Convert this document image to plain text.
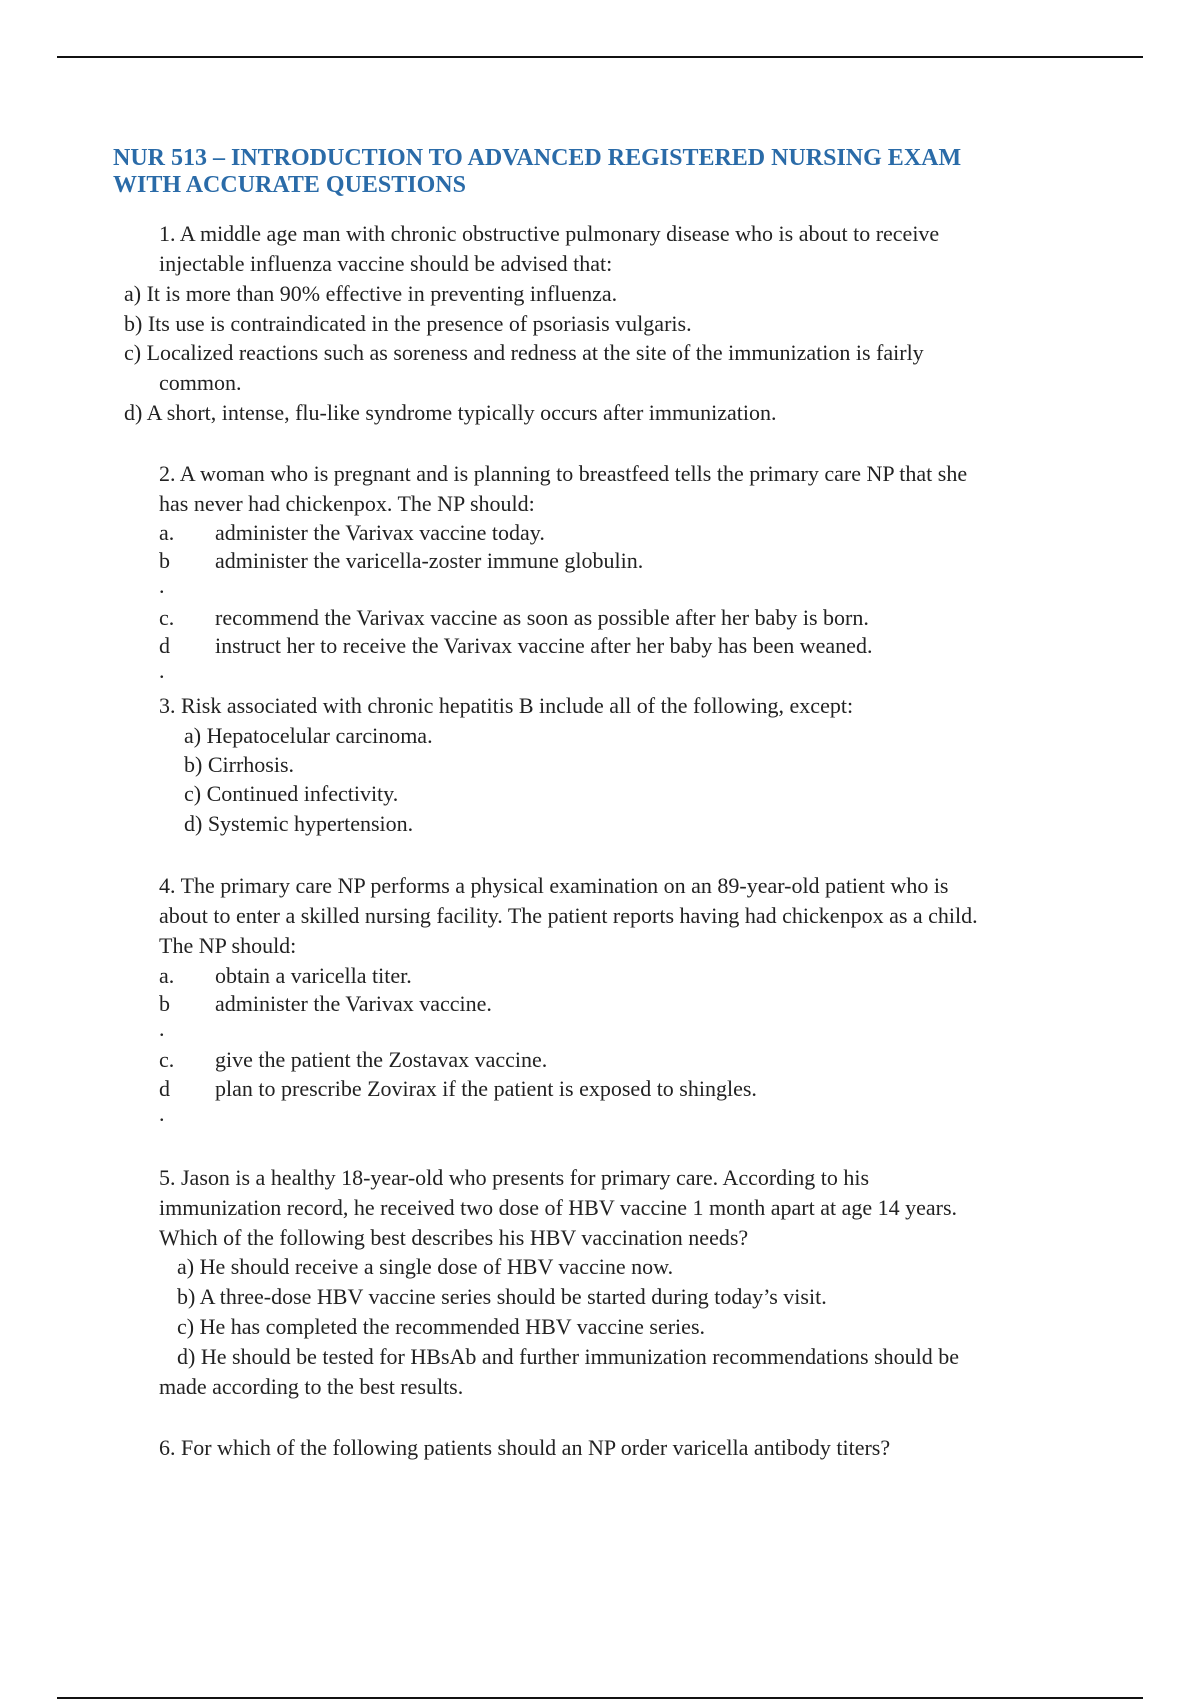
NUR 513 – INTRODUCTION TO ADVANCED REGISTERED NURSING EXAM
WITH ACCURATE QUESTIONS

1. A middle age man with chronic obstructive pulmonary disease who is about to receive

injectable influenza vaccine should be advised that:

a) It is more than 90% effective in preventing influenza.

b) Its use is contraindicated in the presence of psoriasis vulgaris.

c) Localized reactions such as soreness and redness at the site of the immunization is fairly

common.

d) A short, intense, flu-like syndrome typically occurs after immunization.

2. A woman who is pregnant and is planning to breastfeed tells the primary care NP that she

has never had chickenpox. The NP should:

a. administer the Varivax vaccine today.

b administer the varicella-zoster immune globulin.

.
c. recommend the Varivax vaccine as soon as possible after her baby is born.

d instruct her to receive the Varivax vaccine after her baby has been weaned.

.

3. Risk associated with chronic hepatitis B include all of the following, except:

a) Hepatocelular carcinoma.

b) Cirrhosis.

c) Continued infectivity.

d) Systemic hypertension.

4. The primary care NP performs a physical examination on an 89-year-old patient who is

about to enter a skilled nursing facility. The patient reports having had chickenpox as a child.

The NP should:

a. obtain a varicella titer.

b administer the Varivax vaccine.

.
c. give the patient the Zostavax vaccine.

d plan to prescribe Zovirax if the patient is exposed to shingles.

.

5. Jason is a healthy 18-year-old who presents for primary care. According to his

immunization record, he received two dose of HBV vaccine 1 month apart at age 14 years.

Which of the following best describes his HBV vaccination needs?

a) He should receive a single dose of HBV vaccine now.

b) A three-dose HBV vaccine series should be started during today’s visit.

c) He has completed the recommended HBV vaccine series.

d) He should be tested for HBsAb and further immunization recommendations should be

made according to the best results.

6. For which of the following patients should an NP order varicella antibody titers?
